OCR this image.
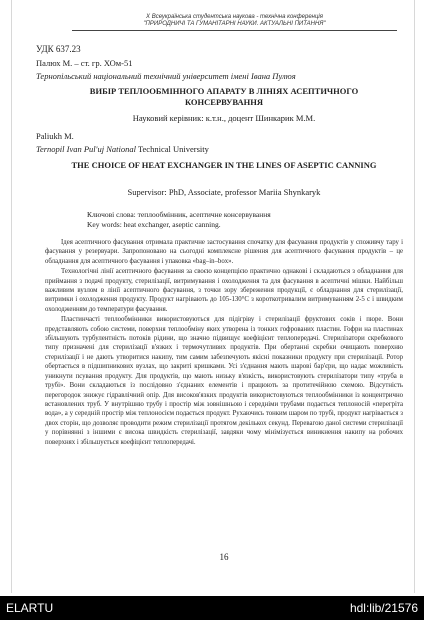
X Всеукраїнська студентська наукова - технічна конференція
"ПРИРОДНИЧІ ТА ГУМАНІТАРНІ НАУКИ. АКТУАЛЬНІ ПИТАННЯ"
УДК 637.23
Палюх М. – ст. гр. ХОм-51
Тернопільський національний технічний університет імені Івана Пулюя
ВИБІР ТЕПЛООБМІННОГО АПАРАТУ В ЛІНІЯХ АСЕПТИЧНОГО КОНСЕРВУВАННЯ
Науковий керівник: к.т.н., доцент Шинкарик М.М.
Paliukh M.
Ternopil Ivan Pul'uj National Technical University
THE CHOICE OF HEAT EXCHANGER IN THE LINES OF ASEPTIC CANNING
Supervisor: PhD, Associate, professor Mariia Shynkaryk
Ключові слова: теплообмінник, асептичне консервування
Key words: heat exchanger, aseptic canning.

Ідея асептичного фасування отримала практичне застосування спочатку для фасування продуктів у споживчу тару і фасування у резервуари. Запропоновано на сьогодні комплексне рішення для асептичного фасування продуктів – це обладнання для асептичного фасування і упаковка «bag–in–box».

Технологічні лінії асептичного фасування за своєю концепцією практично однакові і складаються з обладнання для приймання з подачі продукту, стерилізації, витримування і охолодження та для фасування в асептичні мішки. Найбільш важливим вузлом в лінії асептичного фасування, з точки зору збереження продукції, є обладнання для стерилізації, витримки і охолодження продукту. Продукт нагрівають до 105-130°С з короткотривалим витримуванням 2-5 с і швидким охолодженням до температури фасування.

Пластинчасті теплообмінники використовуються для підігріву і стерилізації фруктових соків і пюре. Вони представляють собою системи, поверхня теплообміну яких утворена із тонких гофрованих пластин. Гофри на пластинах збільшують турбулентність потоків рідини, що значно підвищує коефіцієнт теплопередачі. Стерилізатори скребкового типу призначені для стерилізації в'язких і термочутливих продуктів. При обертанні скребки очищають поверхню стерилізації і не дають утворитися накипу, тим самим забезпечують якісні показники продукту при стерилізації. Ротор обертається в підшипникових вузлах, що закриті кришками. Усі з'єднання мають шарові бар'єри, що надає можливість уникнути псування продукту. Для продуктів, що мають низьку в'язкість, використовують стерилізатори типу «труба в трубі». Вони складаються із послідовно з'єднаних елементів і працюють за протитечійною схемою. Відсутність перегородок знижує гідравлічний опір. Для високов'язких продуктів використовуються теплообмінники із концентрично встановлених труб. У внутрішню трубу і простір між зовнішньою і середніми трубами подається теплоносій «перегріта вода», а у середній простір між теплоносієм подається продукт. Рухаючись тонким шаром по трубі, продукт нагрівається з двох сторін, що дозволяє проводити режим стерилізації протягом декількох секунд. Перевагою даної системи стерилізації у порівнянні з іншими є висока швидкість стерилізації, завдяки чому мінімізується виникнення накипу на робочих поверхнях і збільшується коефіцієнт теплопередачі.

16
ELARTU	hdl:lib/21576
